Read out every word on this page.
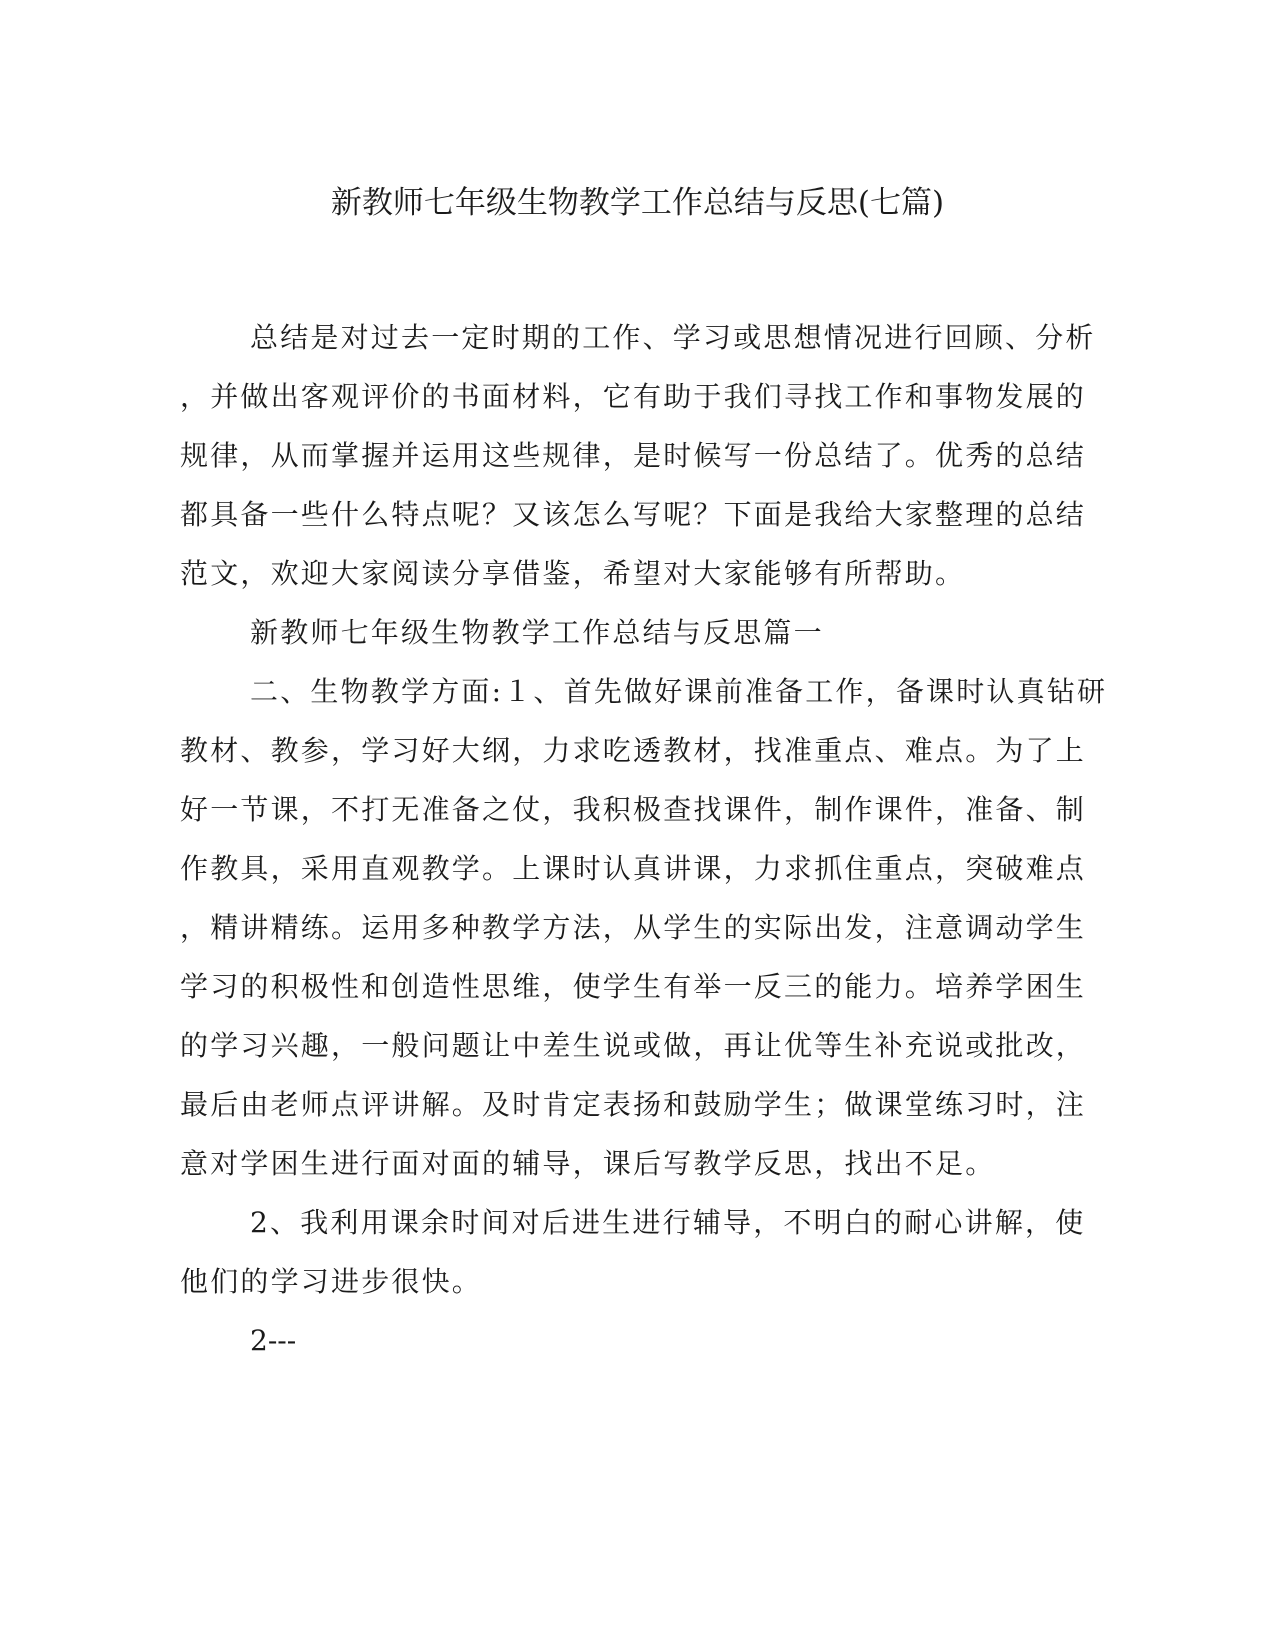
新教师七年级生物教学工作总结与反思(七篇)
总结是对过去一定时期的工作、学习或思想情况进行回顾、分析
，并做出客观评价的书面材料，它有助于我们寻找工作和事物发展的
规律，从而掌握并运用这些规律，是时候写一份总结了。优秀的总结
都具备一些什么特点呢？又该怎么写呢？下面是我给大家整理的总结
范文，欢迎大家阅读分享借鉴，希望对大家能够有所帮助。
新教师七年级生物教学工作总结与反思篇一
二、生物教学方面:１、首先做好课前准备工作，备课时认真钻研
教材、教参，学习好大纲，力求吃透教材，找准重点、难点。为了上
好一节课，不打无准备之仗，我积极查找课件，制作课件，准备、制
作教具，采用直观教学。上课时认真讲课，力求抓住重点，突破难点
，精讲精练。运用多种教学方法，从学生的实际出发，注意调动学生
学习的积极性和创造性思维，使学生有举一反三的能力。培养学困生
的学习兴趣，一般问题让中差生说或做，再让优等生补充说或批改，
最后由老师点评讲解。及时肯定表扬和鼓励学生；做课堂练习时，注
意对学困生进行面对面的辅导，课后写教学反思，找出不足。
2、我利用课余时间对后进生进行辅导，不明白的耐心讲解，使
他们的学习进步很快。
2---
